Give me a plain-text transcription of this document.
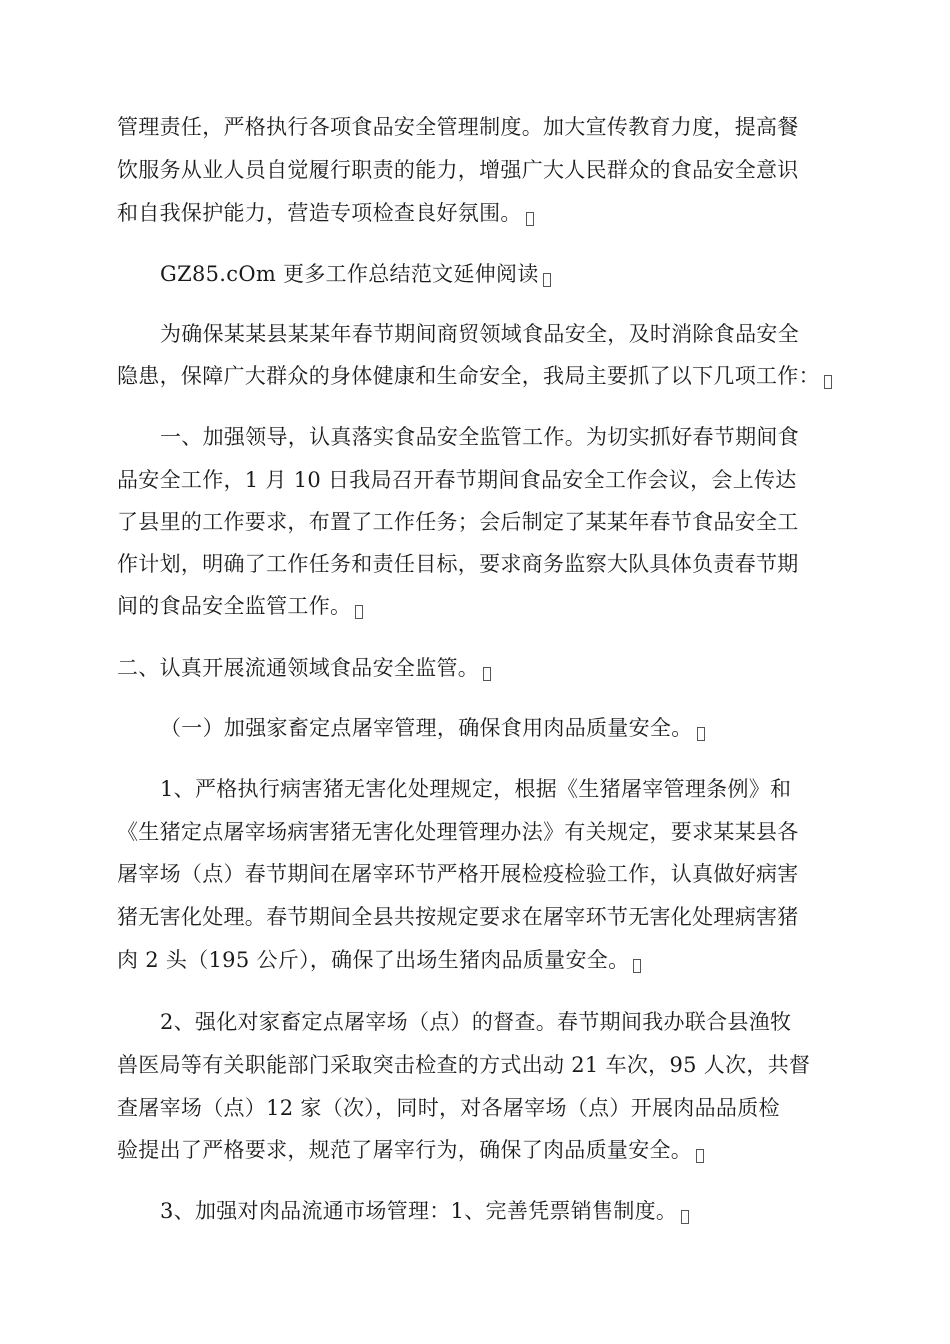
管理责任，严格执行各项食品安全管理制度。加大宣传教育力度，提高餐
饮服务从业人员自觉履行职责的能力，增强广大人民群众的食品安全意识
和自我保护能力，营造专项检查良好氛围。
GZ85.cOm 更多工作总结范文延伸阅读
为确保某某县某某年春节期间商贸领域食品安全，及时消除食品安全
隐患，保障广大群众的身体健康和生命安全，我局主要抓了以下几项工作：
一、加强领导，认真落实食品安全监管工作。为切实抓好春节期间食
品安全工作，1 月 10 日我局召开春节期间食品安全工作会议，会上传达
了县里的工作要求，布置了工作任务；会后制定了某某年春节食品安全工
作计划，明确了工作任务和责任目标，要求商务监察大队具体负责春节期
间的食品安全监管工作。
二、认真开展流通领域食品安全监管。
（一）加强家畜定点屠宰管理，确保食用肉品质量安全。
1、严格执行病害猪无害化处理规定，根据《生猪屠宰管理条例》和
《生猪定点屠宰场病害猪无害化处理管理办法》有关规定，要求某某县各
屠宰场（点）春节期间在屠宰环节严格开展检疫检验工作，认真做好病害
猪无害化处理。春节期间全县共按规定要求在屠宰环节无害化处理病害猪
肉 2 头（195 公斤），确保了出场生猪肉品质量安全。
2、强化对家畜定点屠宰场（点）的督查。春节期间我办联合县渔牧
兽医局等有关职能部门采取突击检查的方式出动 21 车次，95 人次，共督
查屠宰场（点）12 家（次），同时，对各屠宰场（点）开展肉品品质检
验提出了严格要求，规范了屠宰行为，确保了肉品质量安全。
3、加强对肉品流通市场管理：1、完善凭票销售制度。
